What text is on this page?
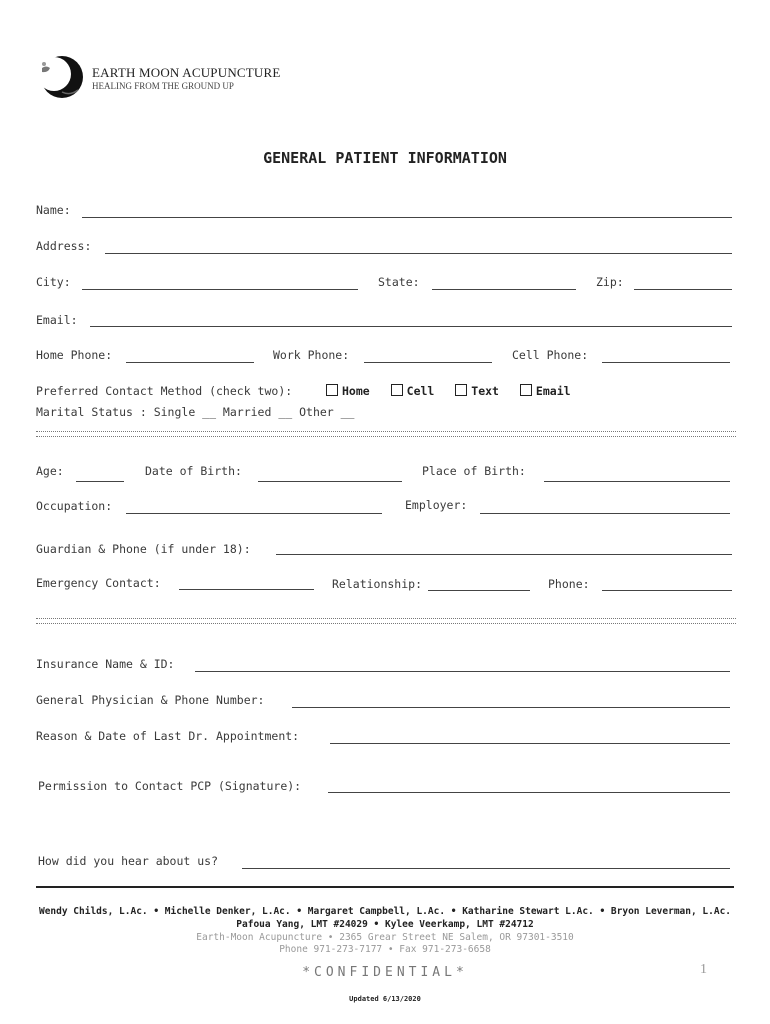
EARTH MOON ACUPUNCTURE
HEALING FROM THE GROUND UP
GENERAL PATIENT INFORMATION
Name:
Address:
City:	State:	Zip:
Email:
Home Phone:	Work Phone:	Cell Phone:
Preferred Contact Method (check two):	Home	Cell	Text	Email
Marital Status : Single __ Married __ Other __
Age:	Date of Birth:	Place of Birth:
Occupation:	Employer:
Guardian & Phone (if under 18):
Emergency Contact:	Relationship:	Phone:
Insurance Name & ID:
General Physician & Phone Number:
Reason & Date of Last Dr. Appointment:
Permission to Contact PCP (Signature):
How did you hear about us?
Wendy Childs, L.Ac. • Michelle Denker, L.Ac. • Margaret Campbell, L.Ac. • Katharine Stewart L.Ac. • Bryon Leverman, L.Ac.
Pafoua Yang, LMT #24029 • Kylee Veerkamp, LMT #24712
Earth-Moon Acupuncture • 2365 Grear Street NE Salem, OR 97301-3510
Phone 971-273-7177 • Fax 971-273-6658
*CONFIDENTIAL*	1
Updated 6/13/2020
